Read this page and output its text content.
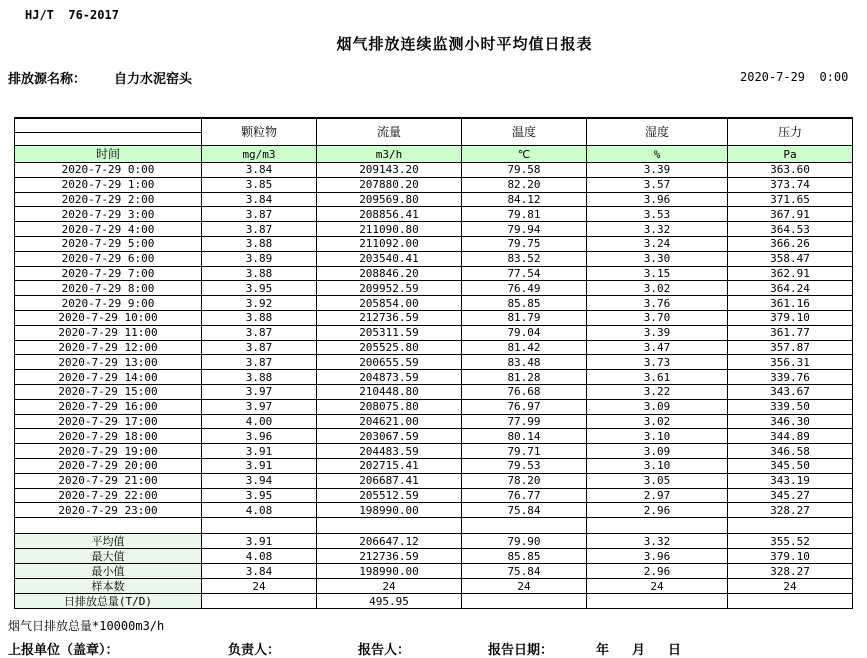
HJ/T  76-2017
烟气排放连续监测小时平均值日报表
排放源名称： 自力水泥窑头	2020-7-29  0:00
	颗粒物	流量	温度	湿度	压力

时间	mg/m3	m3/h	℃	%	Pa
2020-7-29 0:00	3.84	209143.20	79.58	3.39	363.60
2020-7-29 1:00	3.85	207880.20	82.20	3.57	373.74
2020-7-29 2:00	3.84	209569.80	84.12	3.96	371.65
2020-7-29 3:00	3.87	208856.41	79.81	3.53	367.91
2020-7-29 4:00	3.87	211090.80	79.94	3.32	364.53
2020-7-29 5:00	3.88	211092.00	79.75	3.24	366.26
2020-7-29 6:00	3.89	203540.41	83.52	3.30	358.47
2020-7-29 7:00	3.88	208846.20	77.54	3.15	362.91
2020-7-29 8:00	3.95	209952.59	76.49	3.02	364.24
2020-7-29 9:00	3.92	205854.00	85.85	3.76	361.16
2020-7-29 10:00	3.88	212736.59	81.79	3.70	379.10
2020-7-29 11:00	3.87	205311.59	79.04	3.39	361.77
2020-7-29 12:00	3.87	205525.80	81.42	3.47	357.87
2020-7-29 13:00	3.87	200655.59	83.48	3.73	356.31
2020-7-29 14:00	3.88	204873.59	81.28	3.61	339.76
2020-7-29 15:00	3.97	210448.80	76.68	3.22	343.67
2020-7-29 16:00	3.97	208075.80	76.97	3.09	339.50
2020-7-29 17:00	4.00	204621.00	77.99	3.02	346.30
2020-7-29 18:00	3.96	203067.59	80.14	3.10	344.89
2020-7-29 19:00	3.91	204483.59	79.71	3.09	346.58
2020-7-29 20:00	3.91	202715.41	79.53	3.10	345.50
2020-7-29 21:00	3.94	206687.41	78.20	3.05	343.19
2020-7-29 22:00	3.95	205512.59	76.77	2.97	345.27
2020-7-29 23:00	4.08	198990.00	75.84	2.96	328.27

平均值	3.91	206647.12	79.90	3.32	355.52
最大值	4.08	212736.59	85.85	3.96	379.10
最小值	3.84	198990.00	75.84	2.96	328.27
样本数	24	24	24	24	24
日排放总量(T/D)		495.95			
烟气日排放总量*10000m3/h
上报单位（盖章）：	负责人：	报告人：	报告日期：	年 月 日
